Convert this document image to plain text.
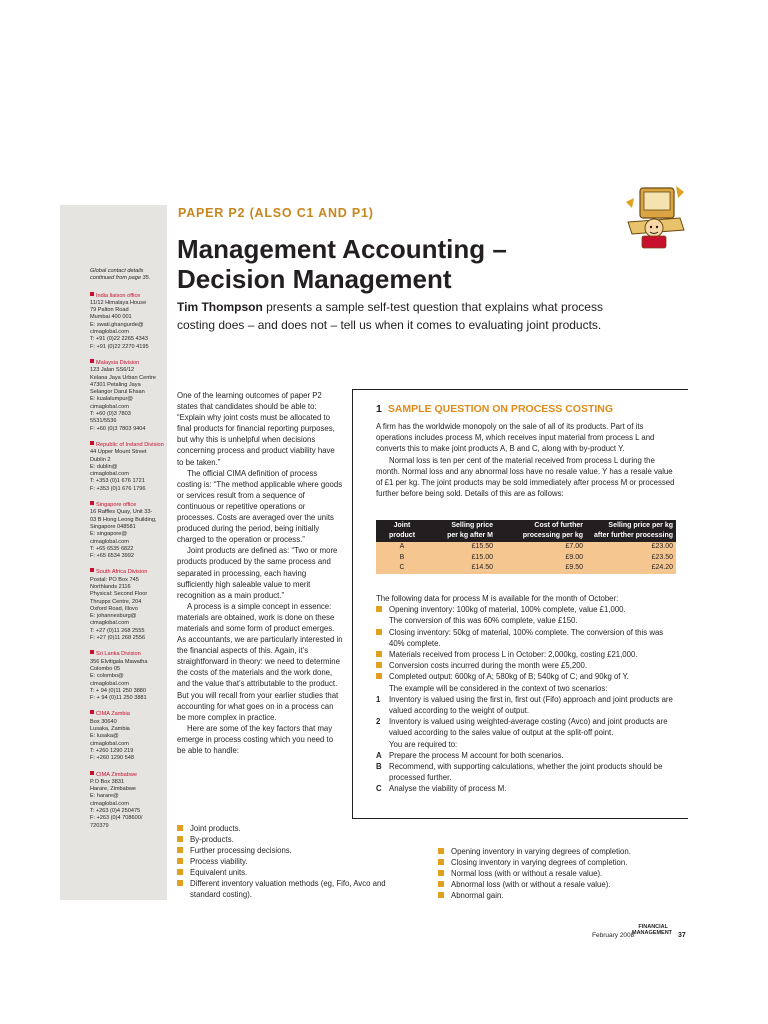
Global contact details
continued from page 35.
India liaison office
11/12 Himalaya House
79 Palton Road
Mumbai 400 001
E: swati.ghangurde@
cimaglobal.com
T: +91 (0)22 2265 4343
F: +91 (0)22 2270 4195
Malaysia Division
123 Jalan SS6/12
Kelana Jaya Urban Centre
47301 Petaling Jaya
Selangor Darul Ehsan
E: kualalumpur@
cimaglobal.com
T: +60 (0)3 7803
5531/5536
F: +60 (0)3 7803 9404
Republic of Ireland Division
44 Upper Mount Street
Dublin 2
E: dublin@
cimaglobal.com
T: +353 (0)1 676 1721
F: +353 (0)1 676 1796
Singapore office
16 Raffles Quay, Unit 33-
03 B Hong Leong Building,
Singapore 048581
E: singapore@
cimaglobal.com
T: +65 6535 6822
F: +65 6534 3992
South Africa Division
Postal: PO Box 745
Northlands 2116
Physical: Second Floor
Thrupps Centre, 204
Oxford Road, Illovo
E: johannesburg@
cimaglobal.com
T: +27 (0)11 268 2555
F: +27 (0)11 268 2556
Sri Lanka Division
356 Elvitigala Mawatha
Colombo 05
E: colombo@
cimaglobal.com
T: + 94 (0)11 250 3880
F: + 94 (0)11 250 3881
CIMA Zambia
Box 30640
Lusaka, Zambia
E: lusaka@
cimaglobal.com
T: +260 1290 219
F: +260 1290 548
CIMA Zimbabwe
P.O Box 3831
Harare, Zimbabwe
E: harare@
cimaglobal.com
T: +263 (0)4 250475
F: +263 (0)4 708600/
720379
PAPER P2 (ALSO C1 AND P1)
Management Accounting –
Decision Management
Tim Thompson presents a sample self-test question that explains what process costing does – and does not – tell us when it comes to evaluating joint products.

One of the learning outcomes of paper P2 states that candidates should be able to: “Explain why joint costs must be allocated to final products for financial reporting purposes, but why this is unhelpful when decisions concerning process and product viability have to be taken.”

The official CIMA definition of process costing is: “The method applicable where goods or services result from a sequence of continuous or repetitive operations or processes. Costs are averaged over the units produced during the period, being initially charged to the operation or process.”

Joint products are defined as: “Two or more products produced by the same process and separated in processing, each having sufficiently high saleable value to merit recognition as a main product.”

A process is a simple concept in essence: materials are obtained, work is done on these materials and some form of product emerges. As accountants, we are particularly interested in the financial aspects of this. Again, it’s straightforward in theory: we need to determine the costs of the materials and the work done, and the value that’s attributable to the product. But you will recall from your earlier studies that accounting for what goes on in a process can be more complex in practice.

Here are some of the key factors that may emerge in process costing which you need to be able to handle:

Joint products.
By-products.
Further processing decisions.
Process viability.
Equivalent units.
Different inventory valuation methods (eg, Fifo, Avco and standard costing).
Opening inventory in varying degrees of completion.
Closing inventory in varying degrees of completion.
Normal loss (with or without a resale value).
Abnormal loss (with or without a resale value).
Abnormal gain.
1 SAMPLE QUESTION ON PROCESS COSTING

A firm has the worldwide monopoly on the sale of all of its products. Part of its operations includes process M, which receives input material from process L and converts this to make joint products A, B and C, along with by-product Y.

Normal loss is ten per cent of the material received from process L during the month. Normal loss and any abnormal loss have no resale value. Y has a resale value of £1 per kg. The joint products may be sold immediately after process M or processed further before being sold. Details of this are as follows:

Joint
product	Selling price
per kg after M	Cost of further
processing per kg	Selling price per kg
after further processing
A	£15.50	£7.00	£23.00
B	£15.00	£9.00	£23.50
C	£14.50	£9.50	£24.20

The following data for process M is available for the month of October:

Opening inventory: 100kg of material, 100% complete, value £1,000.

The conversion of this was 60% complete, value £150.

Closing inventory: 50kg of material, 100% complete. The conversion of this was 40% complete.

Materials received from process L in October: 2,000kg, costing £21,000.

Conversion costs incurred during the month were £5,200.

Completed output: 600kg of A; 580kg of B; 540kg of C; and 90kg of Y.

The example will be considered in the context of two scenarios:

1 Inventory is valued using the first in, first out (Fifo) approach and joint products are valued according to the weight of output.

2 Inventory is valued using weighted-average costing (Avco) and joint products are valued according to the sales value of output at the split-off point.

You are required to:

A Prepare the process M account for both scenarios.

B Recommend, with supporting calculations, whether the joint products should be processed further.

C Analyse the viability of process M.

February 2008
FINANCIAL
MANAGEMENT 37
